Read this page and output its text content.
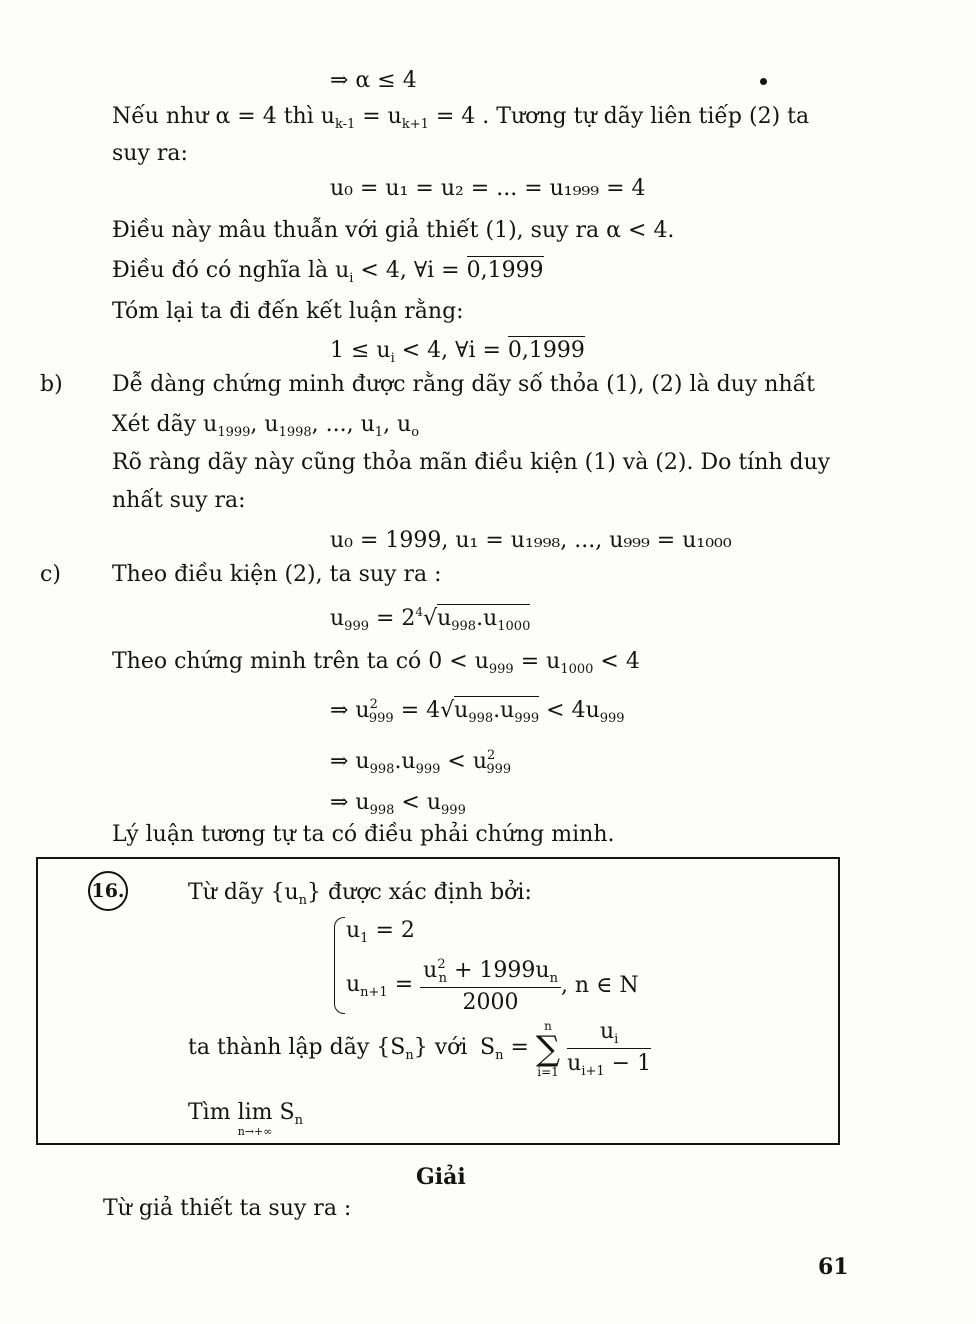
⇒ α ≤ 4
Nếu như α = 4 thì $u_{k-1} = u_{k+1} = 4$ . Tương tự dãy liên tiếp (2) ta
suy ra:
u₀ = u₁ = u₂ = ... = u₁₉₉₉ = 4
Điều này mâu thuẫn với giả thiết (1), suy ra α < 4.
Điều đó có nghĩa là $u_i < 4$, ∀i = 0,1999
Tóm lại ta đi đến kết luận rằng:
$1 \le u_i < 4$, ∀i = 0,1999
b) Dễ dàng chứng minh được rằng dãy số thỏa (1), (2) là duy nhất
Xét dãy $u_{1999}$, $u_{1998}$, ..., $u_1$, $u_o$
Rõ ràng dãy này cũng thỏa mãn điều kiện (1) và (2). Do tính duy
nhất suy ra:
u₀ = 1999, u₁ = u₁₉₉₈, ..., u₉₉₉ = u₁₀₀₀
c) Theo điều kiện (2), ta suy ra :
$u_{999} = 2^4√u_{998}.u_{1000}$
Theo chứng minh trên ta có $0 < u_{999} = u_{1000} < 4$
⇒ $u^2_{999} = 4√u_{998}.u_{999} < 4u_{999}$
⇒ $u_{998}.u_{999} < u^2_{999}$
⇒ $u_{998} < u_{999}$
Lý luận tương tự ta có điều phải chứng minh.
16.	Từ dãy $\{u_n\}$ được xác định bởi:
$u_1 = 2$
$u_{n+1} = \frac{u^2_n + 1999u_n}{2000}$ , n ∈ N
ta thành lập dãy $\{S_n\}$ với $S_n$ =
n
∑
i=1
$\frac{u_i}{u_{i+1} - 1}$
Tìm lim
n→+∞
$S_n$
Giải
Từ giả thiết ta suy ra :
61
